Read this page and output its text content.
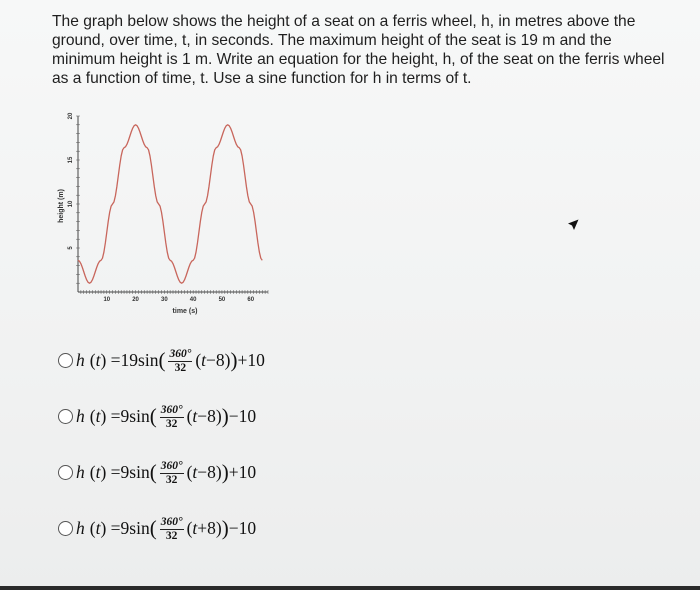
The graph below shows the height of a seat on a ferris wheel, h, in metres above the ground, over time, t, in seconds. The maximum height of the seat is 19 m and the minimum height is 1 m. Write an equation for the height, h, of the seat on the ferris wheel as a function of time, t. Use a sine function for h in terms of t.
height (m)
time (s)
10	20	30	40	50	60
5
10
15
20
h ( t ) = 19 sin ( $\frac{360^\circ}{32}$ ( t − 8 ) ) + 10
h ( t ) = 9 sin ( $\frac{360^\circ}{32}$ ( t − 8 ) ) − 10
h ( t ) = 9 sin ( $\frac{360^\circ}{32}$ ( t − 8 ) ) + 10
h ( t ) = 9 sin ( $\frac{360^\circ}{32}$ ( t + 8 ) ) − 10
